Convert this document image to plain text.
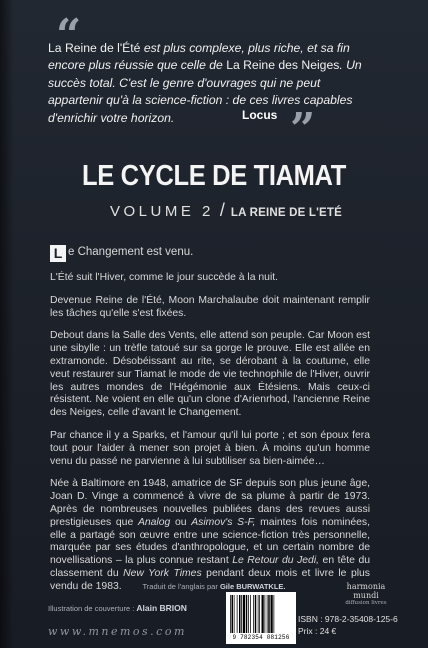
“
La Reine de l'Été est plus complexe, plus riche, et sa fin encore plus réussie que celle de La Reine des Neiges. Un succès total. C'est le genre d'ouvrages qui ne peut appartenir qu'à la science-fiction : de ces livres capables d'enrichir votre horizon.	Locus ”
LE CYCLE DE TIAMAT
VOLUME 2 / LA REINE DE L'ETÉ

L e Changement est venu.

L'Été suit l'Hiver, comme le jour succède à la nuit.

Devenue Reine de l'Été, Moon Marchalaube doit maintenant remplir les tâches qu'elle s'est fixées.

Debout dans la Salle des Vents, elle attend son peuple. Car Moon est une sibylle : un trèfle tatoué sur sa gorge le prouve. Elle est allée en extramonde. Désobéissant au rite, se dérobant à la coutume, elle veut restaurer sur Tiamat le mode de vie technophile de l'Hiver, ouvrir les autres mondes de l'Hégémonie aux Étésiens. Mais ceux-ci résistent. Ne voient en elle qu'un clone d'Arienrhod, l'ancienne Reine des Neiges, celle d'avant le Changement.

Par chance il y a Sparks, et l'amour qu'il lui porte ; et son époux fera tout pour l'aider à mener son projet à bien. À moins qu'un homme venu du passé ne parvienne à lui subtiliser sa bien-aimée…

Née à Baltimore en 1948, amatrice de SF depuis son plus jeune âge, Joan D. Vinge a commencé à vivre de sa plume à partir de 1973. Après de nombreuses nouvelles publiées dans des revues aussi prestigieuses que Analog ou Asimov's S-F, maintes fois nominées, elle a partagé son œuvre entre une science-fiction très personnelle, marquée par ses études d'anthropologue, et un certain nombre de novellisations – la plus connue restant Le Retour du Jedi, en tête du classement du New York Times pendant deux mois et livre le plus vendu de 1983.	Traduit de l'anglais par Gile BURWATKLE.
Illustration de couverture : Alain BRION
www.mnemos.com	9 782354 081256
harmonia mundi
diffusion livres
ISBN : 978-2-35408-125-6
Prix : 24 €
